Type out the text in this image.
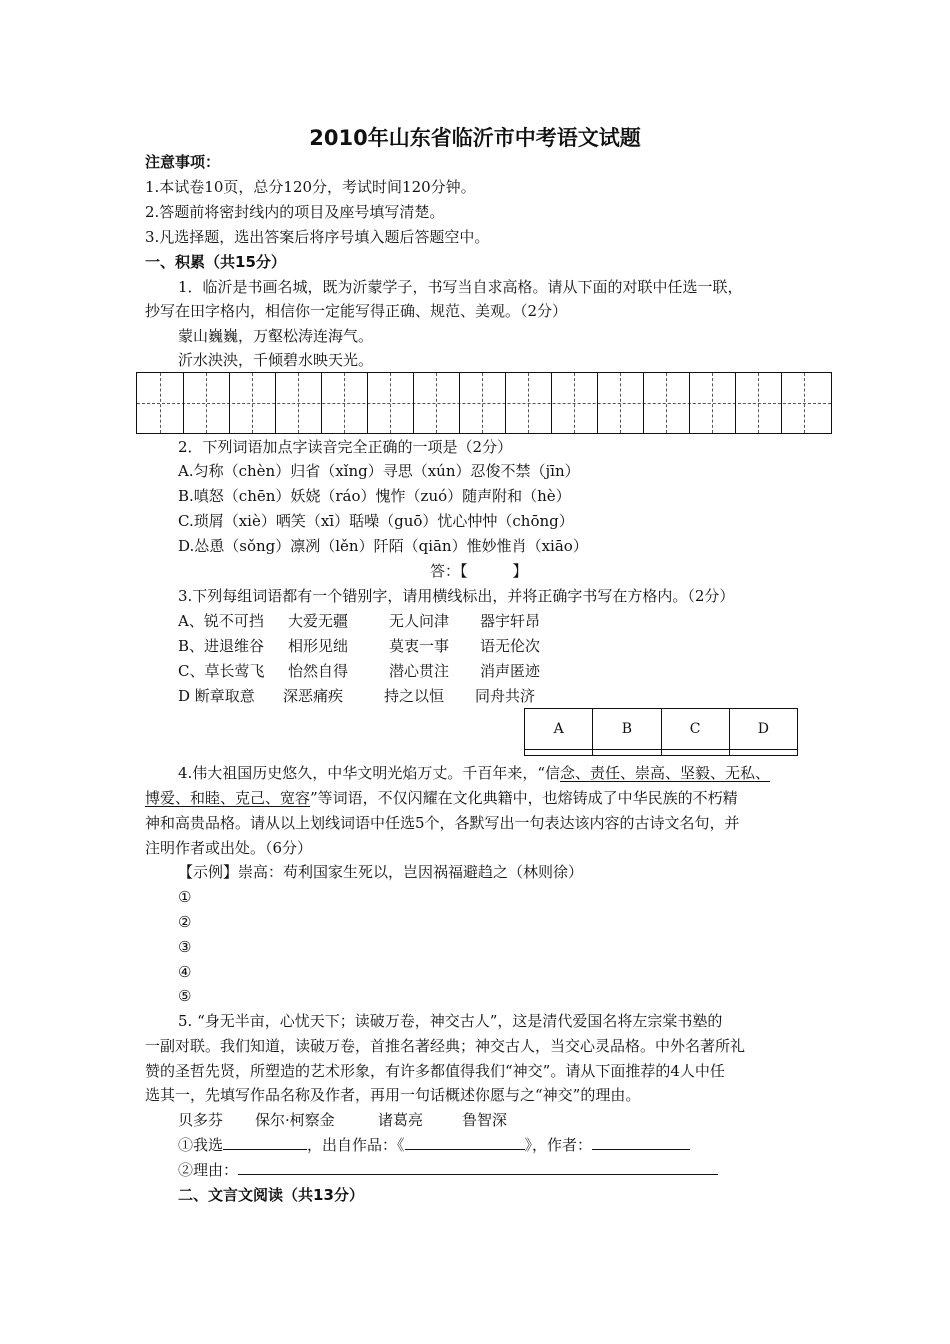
2010年山东省临沂市中考语文试题
注意事项：
1.本试卷10页，总分120分，考试时间120分钟。
2.答题前将密封线内的项目及座号填写清楚。
3.凡选择题，选出答案后将序号填入题后答题空中。
一、积累（共15分）
1．临沂是书画名城，既为沂蒙学子，书写当自求高格。请从下面的对联中任选一联，
抄写在田字格内，相信你一定能写得正确、规范、美观。（2分）
蒙山巍巍，万壑松涛连海气。
沂水泱泱，千倾碧水映天光。
2．下列词语加点字读音完全正确的一项是（2分）
A.匀称（chèn）归省（xǐng）寻思（xún）忍俊不禁（jīn）
B.嗔怒（chēn）妖娆（ráo）愧怍（zuó）随声附和（hè）
C.琐屑（xiè）哂笑（xī）聒噪（guō）忧心忡忡（chōng）
D.怂恿（sǒng）凛冽（lěn）阡陌（qiān）惟妙惟肖（xiāo）
答：【　　　】
3.下列每组词语都有一个错别字，请用横线标出，并将正确字书写在方格内。（2分）
A、锐不可挡 大爱无疆	无人问津 器宇轩昂
B、进退维谷 相形见绌	莫衷一事 语无伦次
C、草长莺飞 怡然自得	潜心贯注 消声匿迹
D 断章取意 深恶痛疾	持之以恒 同舟共济
A	B	C	D

4.伟大祖国历史悠久，中华文明光焰万丈。千百年来，“信念、责任、崇高、坚毅、无私、
博爱、和睦、克己、宽容”等词语，不仅闪耀在文化典籍中，也熔铸成了中华民族的不朽精
神和高贵品格。请从以上划线词语中任选5个，各默写出一句表达该内容的古诗文名句，并
注明作者或出处。（6分）
【示例】崇高：苟利国家生死以，岂因祸福避趋之（林则徐）
①
②
③
④
⑤
5. “身无半亩，心忧天下；读破万卷，神交古人”，这是清代爱国名将左宗棠书塾的
一副对联。我们知道，读破万卷，首推名著经典；神交古人，当交心灵品格。中外名著所礼
赞的圣哲先贤，所塑造的艺术形象，有许多都值得我们“神交”。请从下面推荐的4人中任
选其一，先填写作品名称及作者，再用一句话概述你愿与之“神交”的理由。
贝多芬 保尔·柯察金	诸葛亮	鲁智深
①我选	，出自作品：《	》，作者：
②理由：
二、文言文阅读（共13分）
